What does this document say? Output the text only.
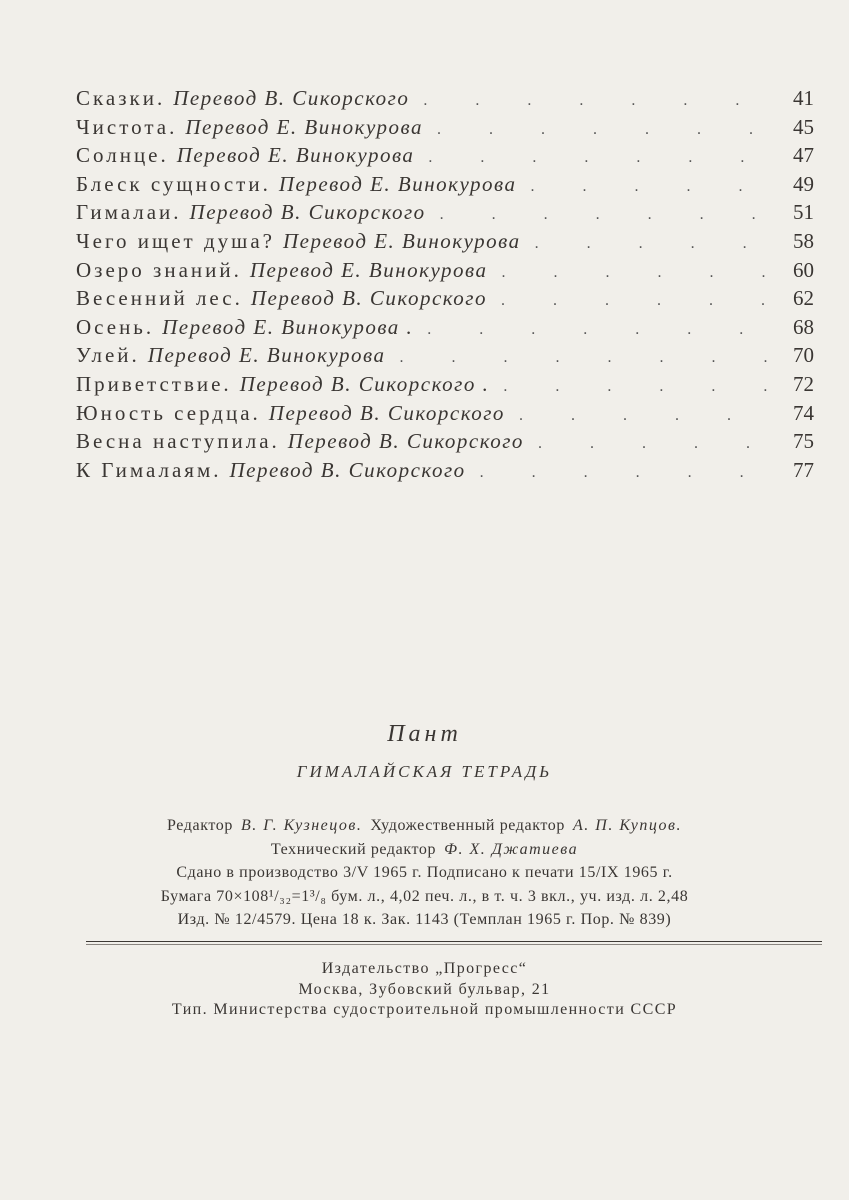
Сказки. Перевод В. Сикорского .	41
Чистота. Перевод Е. Винокурова .	45
Солнце. Перевод Е. Винокурова .	47
Блеск сущности. Перевод Е. Винокурова .	49
Гималаи. Перевод В. Сикорского .	51
Чего ищет душа? Перевод Е. Винокурова .	58
Озеро знаний. Перевод Е. Винокурова .	60
Весенний лес. Перевод В. Сикорского .	62
Осень. Перевод Е. Винокурова . .	68
Улей. Перевод Е. Винокурова .	70
Приветствие. Перевод В. Сикорского . .	72
Юность сердца. Перевод В. Сикорского .	74
Весна наступила. Перевод В. Сикорского .	75
К Гималаям. Перевод В. Сикорского .	77
Пант
ГИМАЛАЙСКАЯ ТЕТРАДЬ
Редактор В. Г. Кузнецов. Художественный редактор А. П. Купцов.
Технический редактор Ф. Х. Джатиева
Сдано в производство 3/V 1965 г. Подписано к печати 15/IX 1965 г.
Бумага 70×108¹/₃₂=1³/₈ бум. л., 4,02 печ. л., в т. ч. 3 вкл., уч. изд. л. 2,48
Изд. № 12/4579. Цена 18 к. Зак. 1143 (Темплан 1965 г. Пор. № 839)
Издательство „Прогресс“
Москва, Зубовский бульвар, 21
Тип. Министерства судостроительной промышленности СССР
